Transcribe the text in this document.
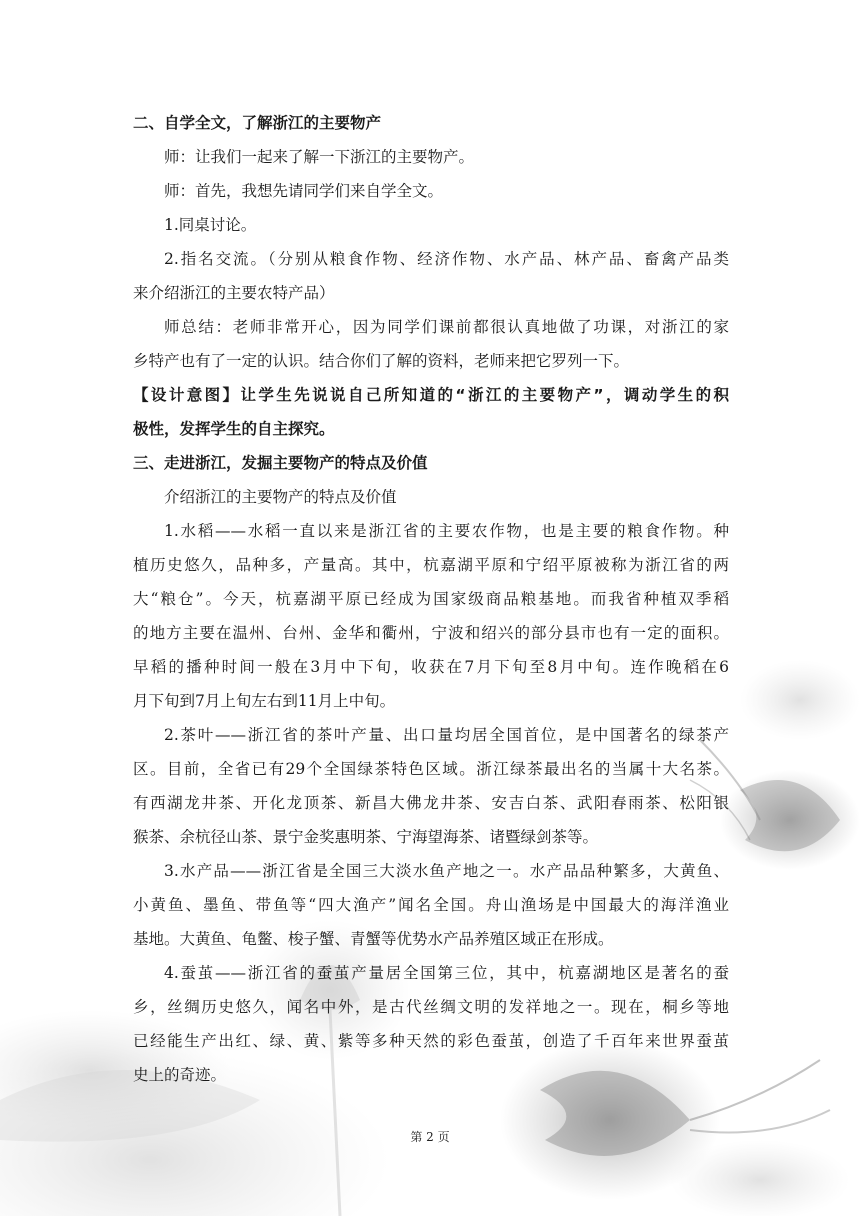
二、自学全文，了解浙江的主要物产

师：让我们一起来了解一下浙江的主要物产。

师：首先，我想先请同学们来自学全文。

1.同桌讨论。

2.指名交流。（分别从粮食作物、经济作物、水产品、林产品、畜禽产品类

来介绍浙江的主要农特产品）

师总结：老师非常开心，因为同学们课前都很认真地做了功课，对浙江的家

乡特产也有了一定的认识。结合你们了解的资料，老师来把它罗列一下。

【设计意图】让学生先说说自己所知道的“浙江的主要物产”，调动学生的积

极性，发挥学生的自主探究。

三、走进浙江，发掘主要物产的特点及价值

介绍浙江的主要物产的特点及价值

1.水稻——水稻一直以来是浙江省的主要农作物，也是主要的粮食作物。种

植历史悠久，品种多，产量高。其中，杭嘉湖平原和宁绍平原被称为浙江省的两

大“粮仓”。今天，杭嘉湖平原已经成为国家级商品粮基地。而我省种植双季稻

的地方主要在温州、台州、金华和衢州，宁波和绍兴的部分县市也有一定的面积。

早稻的播种时间一般在3月中下旬，收获在7月下旬至8月中旬。连作晚稻在6

月下旬到7月上旬左右到11月上中旬。

2.茶叶——浙江省的茶叶产量、出口量均居全国首位，是中国著名的绿茶产

区。目前，全省已有29个全国绿茶特色区域。浙江绿茶最出名的当属十大名茶。

有西湖龙井茶、开化龙顶茶、新昌大佛龙井茶、安吉白茶、武阳春雨茶、松阳银

猴茶、余杭径山茶、景宁金奖惠明茶、宁海望海茶、诸暨绿剑茶等。

3.水产品——浙江省是全国三大淡水鱼产地之一。水产品品种繁多，大黄鱼、

小黄鱼、墨鱼、带鱼等“四大渔产”闻名全国。舟山渔场是中国最大的海洋渔业

基地。大黄鱼、龟鳖、梭子蟹、青蟹等优势水产品养殖区域正在形成。

4.蚕茧——浙江省的蚕茧产量居全国第三位，其中，杭嘉湖地区是著名的蚕

乡，丝绸历史悠久，闻名中外，是古代丝绸文明的发祥地之一。现在，桐乡等地

已经能生产出红、绿、黄、紫等多种天然的彩色蚕茧，创造了千百年来世界蚕茧

史上的奇迹。

第 2 页
